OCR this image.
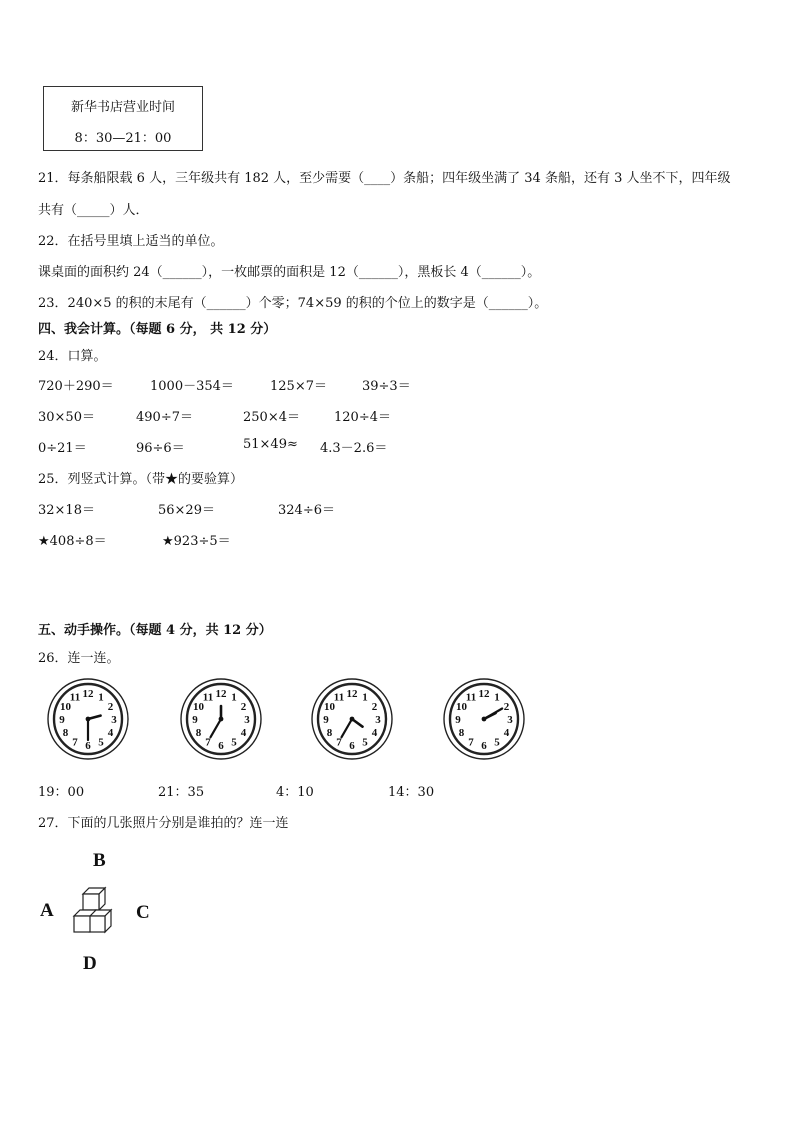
新华书店营业时间
8：30—21：00
21．每条船限载 6 人，三年级共有 182 人，至少需要（____）条船；四年级坐满了 34 条船，还有 3 人坐不下，四年级
共有（_____）人．
22．在括号里填上适当的单位。
课桌面的面积约 24（______），一枚邮票的面积是 12（______），黑板长 4（______）。
23．240×5 的积的末尾有（______）个零；74×59 的积的个位上的数字是（______）。
四、我会计算。（每题 6 分， 共 12 分）
24．口算。
720＋290＝	1000－354＝	125×7＝	39÷3＝
30×50＝	490÷7＝	250×4＝	120÷4＝
0÷21＝	96÷6＝	51×49≈ 4.3－2.6＝
25．列竖式计算。（带★的要验算）
32×18＝	56×29＝	324÷6＝
★408÷8＝	★923÷5＝
五、动手操作。（每题 4 分，共 12 分）
26．连一连。
12 1
2
3
4
5
6
7
8
9
10
11	12 1
2
3
4
5
6
7
8
9
10
11	12 1
2
3
4
5
6
7
8
9
10
11	12 1
2
3
4
5
6
7
8
9
10
11
19：00	21：35	4：10	14：30
27．下面的几张照片分别是谁拍的？连一连
B
A	C
D
